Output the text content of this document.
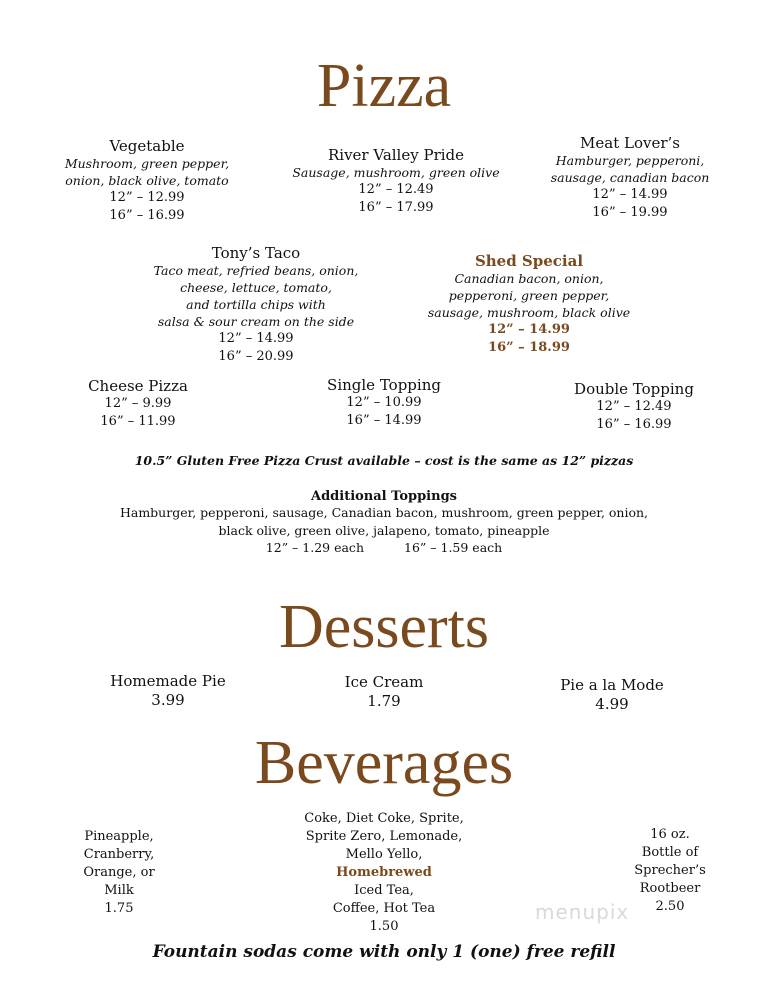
Pizza
Vegetable
Mushroom, green pepper,
onion, black olive, tomato
12” – 12.99
16” – 16.99
River Valley Pride
Sausage, mushroom, green olive
12” – 12.49
16” – 17.99
Meat Lover’s
Hamburger, pepperoni,
sausage, canadian bacon
12” – 14.99
16” – 19.99
Tony’s Taco
Taco meat, refried beans, onion,
cheese, lettuce, tomato,
and tortilla chips with
salsa & sour cream on the side
12” – 14.99
16” – 20.99
Shed Special
Canadian bacon, onion,
pepperoni, green pepper,
sausage, mushroom, black olive
12” – 14.99
16” – 18.99
Cheese Pizza
12” – 9.99
16” – 11.99
Single Topping
12” – 10.99
16” – 14.99
Double Topping
12” – 12.49
16” – 16.99
10.5” Gluten Free Pizza Crust available – cost is the same as 12” pizzas
Additional Toppings
Hamburger, pepperoni, sausage, Canadian bacon, mushroom, green pepper, onion,
black olive, green olive, jalapeno, tomato, pineapple
12” – 1.29 each	16” – 1.59 each
Desserts
Homemade Pie
3.99
Ice Cream
1.79
Pie a la Mode
4.99
Beverages
Pineapple,
Cranberry,
Orange, or
Milk
1.75
Coke, Diet Coke, Sprite,
Sprite Zero, Lemonade,
Mello Yello,
Homebrewed
Iced Tea,
Coffee, Hot Tea
1.50
16 oz.
Bottle of
Sprecher’s
Rootbeer
2.50
menupix
Fountain sodas come with only 1 (one) free refill
